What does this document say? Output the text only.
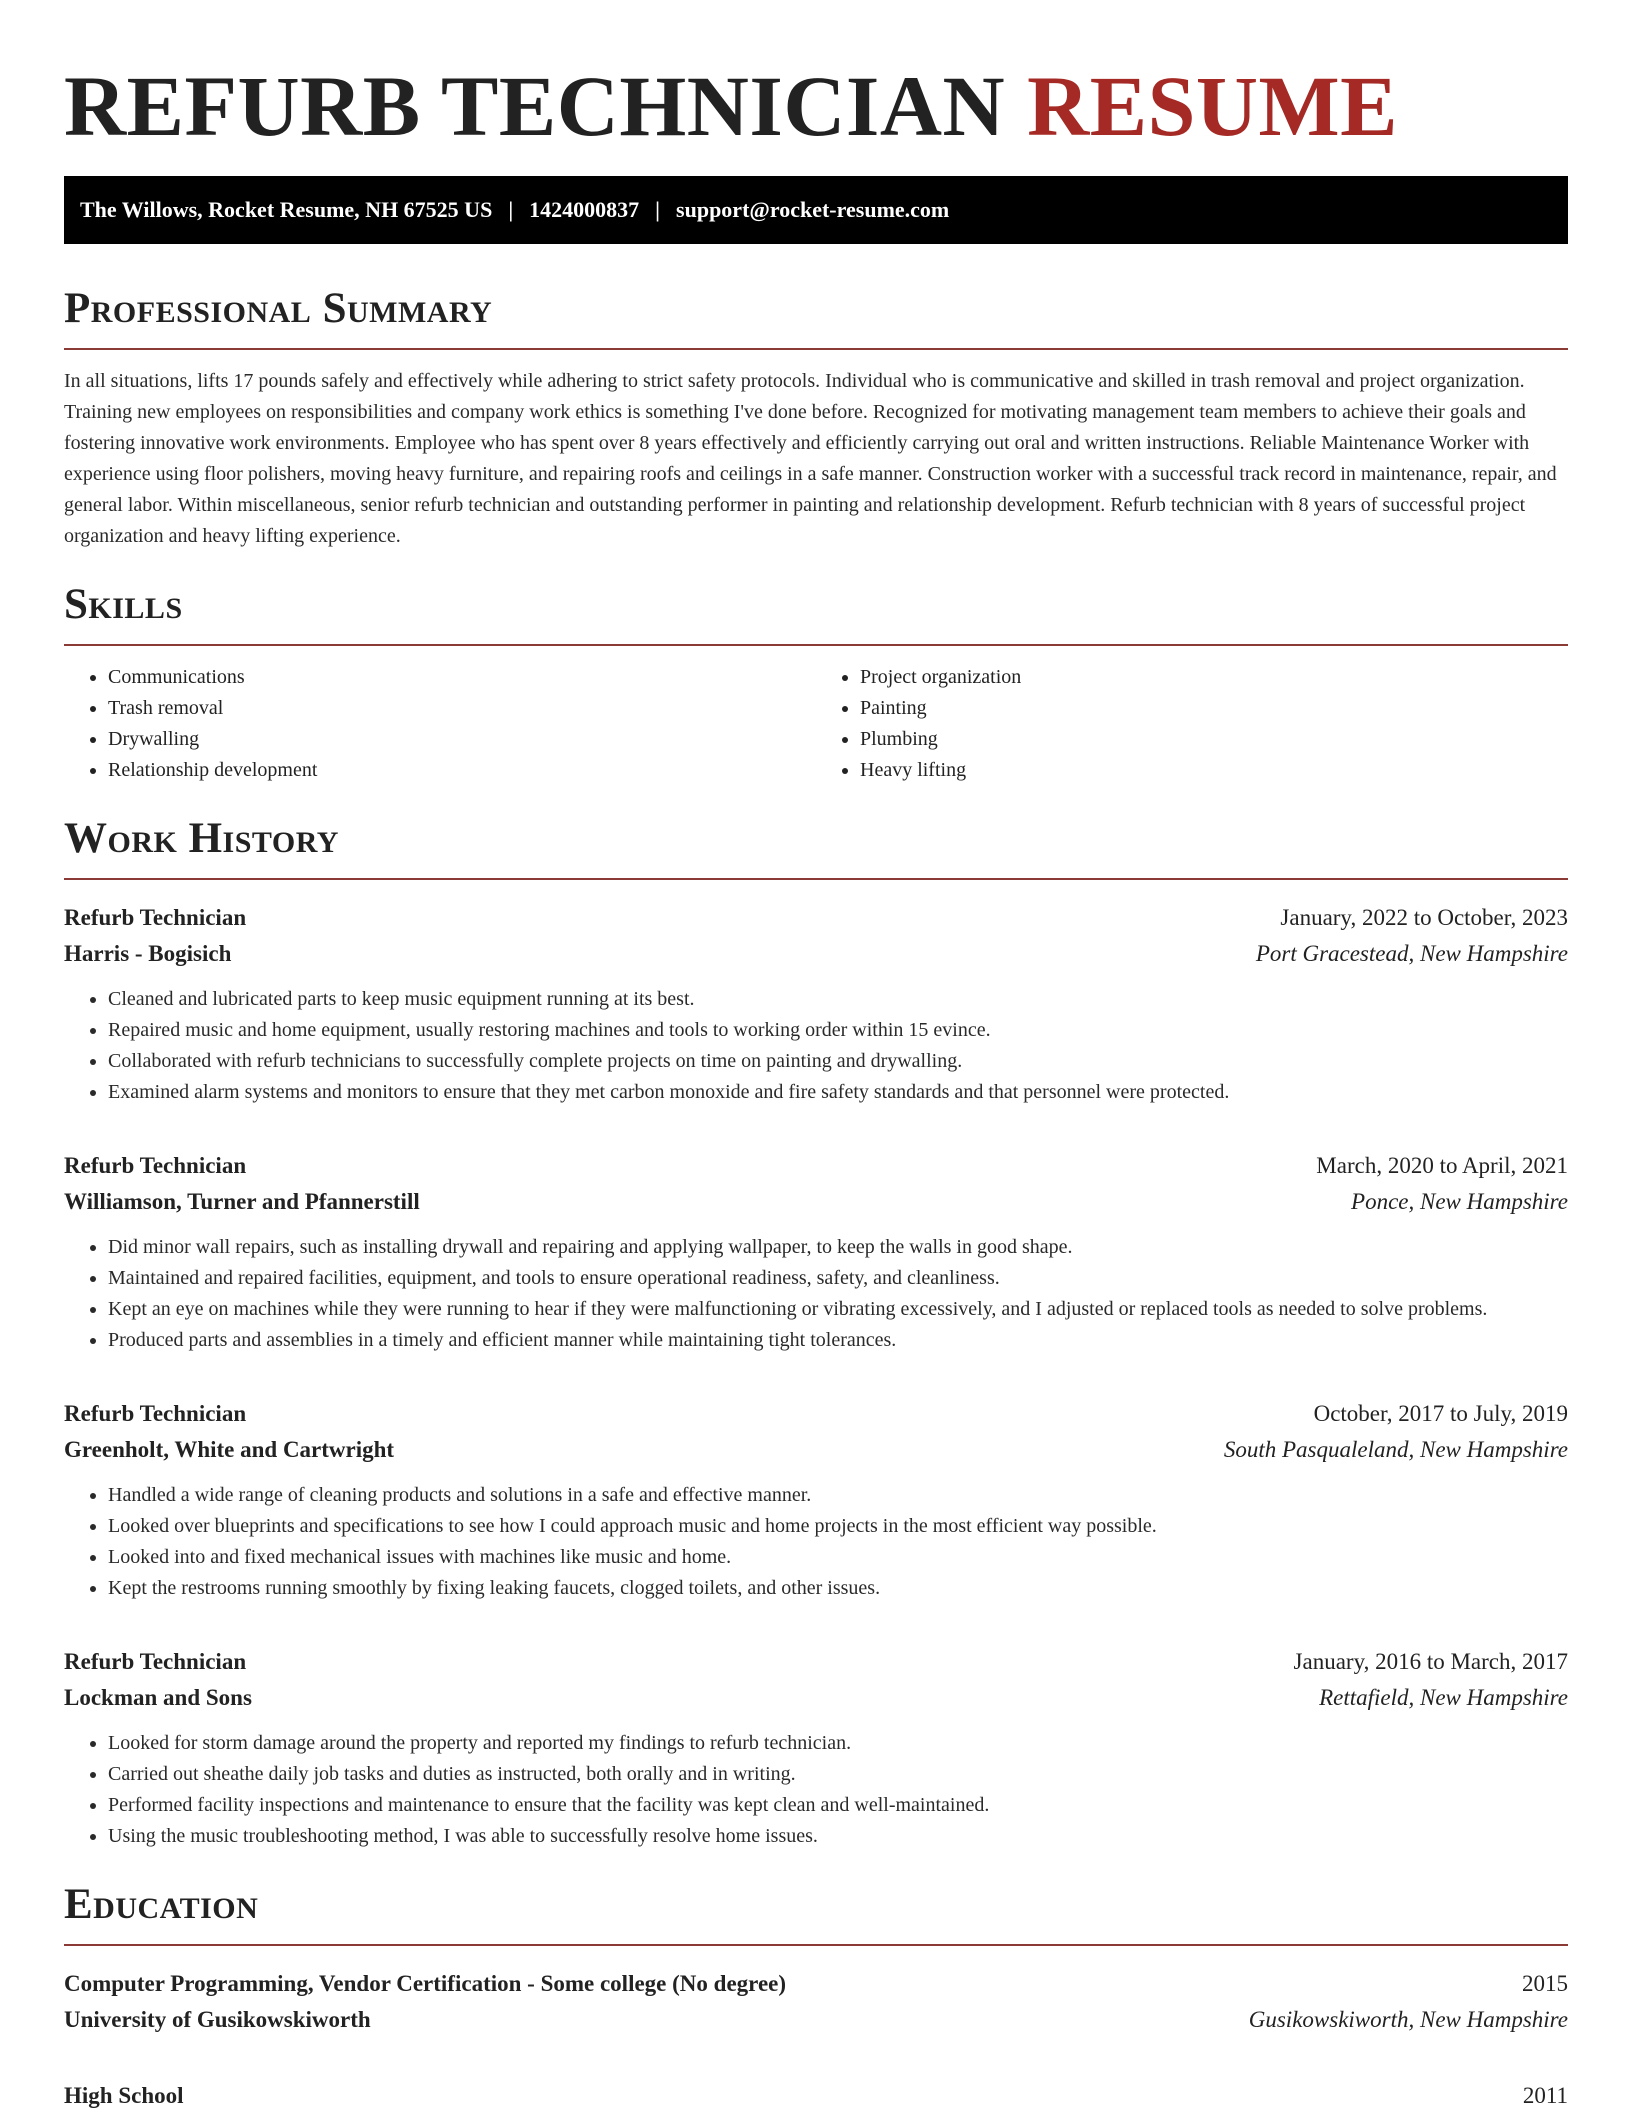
REFURB TECHNICIAN RESUME
The Willows, Rocket Resume, NH 67525 US | 1424000837 | support@rocket-resume.com
Professional Summary

In all situations, lifts 17 pounds safely and effectively while adhering to strict safety protocols. Individual who is communicative and skilled in trash removal and project organization. Training new employees on responsibilities and company work ethics is something I've done before. Recognized for motivating management team members to achieve their goals and fostering innovative work environments. Employee who has spent over 8 years effectively and efficiently carrying out oral and written instructions. Reliable Maintenance Worker with experience using floor polishers, moving heavy furniture, and repairing roofs and ceilings in a safe manner. Construction worker with a successful track record in maintenance, repair, and general labor. Within miscellaneous, senior refurb technician and outstanding performer in painting and relationship development. Refurb technician with 8 years of successful project organization and heavy lifting experience.

Skills
• Communications
• Trash removal
• Drywalling
• Relationship development
• Project organization
• Painting
• Plumbing
• Heavy lifting
Work History
Refurb Technician	January, 2022 to October, 2023
Harris - Bogisich	Port Gracestead, New Hampshire
• Cleaned and lubricated parts to keep music equipment running at its best.
• Repaired music and home equipment, usually restoring machines and tools to working order within 15 evince.
• Collaborated with refurb technicians to successfully complete projects on time on painting and drywalling.
• Examined alarm systems and monitors to ensure that they met carbon monoxide and fire safety standards and that personnel were protected.
Refurb Technician	March, 2020 to April, 2021
Williamson, Turner and Pfannerstill	Ponce, New Hampshire
• Did minor wall repairs, such as installing drywall and repairing and applying wallpaper, to keep the walls in good shape.
• Maintained and repaired facilities, equipment, and tools to ensure operational readiness, safety, and cleanliness.
• Kept an eye on machines while they were running to hear if they were malfunctioning or vibrating excessively, and I adjusted or replaced tools as needed to solve problems.
• Produced parts and assemblies in a timely and efficient manner while maintaining tight tolerances.
Refurb Technician	October, 2017 to July, 2019
Greenholt, White and Cartwright	South Pasqualeland, New Hampshire
• Handled a wide range of cleaning products and solutions in a safe and effective manner.
• Looked over blueprints and specifications to see how I could approach music and home projects in the most efficient way possible.
• Looked into and fixed mechanical issues with machines like music and home.
• Kept the restrooms running smoothly by fixing leaking faucets, clogged toilets, and other issues.
Refurb Technician	January, 2016 to March, 2017
Lockman and Sons	Rettafield, New Hampshire
• Looked for storm damage around the property and reported my findings to refurb technician.
• Carried out sheathe daily job tasks and duties as instructed, both orally and in writing.
• Performed facility inspections and maintenance to ensure that the facility was kept clean and well-maintained.
• Using the music troubleshooting method, I was able to successfully resolve home issues.
Education
Computer Programming, Vendor Certification - Some college (No degree)	2015
University of Gusikowskiworth	Gusikowskiworth, New Hampshire
High School	2011
